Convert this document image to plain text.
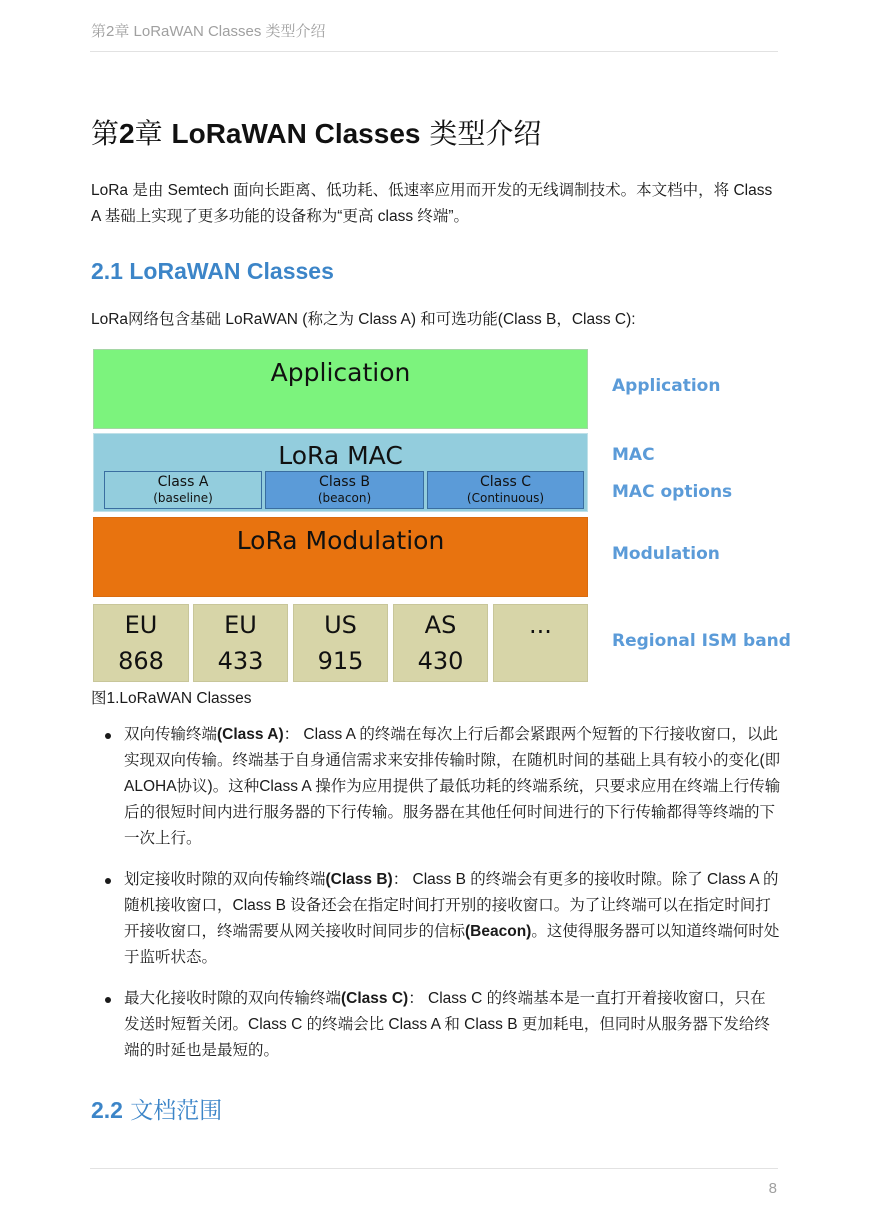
第2章 LoRaWAN Classes 类型介绍
第2章 LoRaWAN Classes 类型介绍

LoRa 是由 Semtech 面向长距离、低功耗、低速率应用而开发的无线调制技术。本文档中，将 Class A 基础上实现了更多功能的设备称为“更高 class 终端”。

2.1 LoRaWAN Classes

LoRa网络包含基础 LoRaWAN (称之为 Class A) 和可选功能(Class B，Class C):

Application
LoRa MAC
Class A
(baseline)
Class B
(beacon)
Class C
(Continuous)
LoRa Modulation
EU
868
EU
433
US
915
AS
430
...
Application
MAC
MAC options
Modulation
Regional ISM band

图1.LoRaWAN Classes

双向传输终端(Class A)： Class A 的终端在每次上行后都会紧跟两个短暂的下行接收窗口，以此实现双向传输。终端基于自身通信需求来安排传输时隙，在随机时间的基础上具有较小的变化(即ALOHA协议)。这种Class A 操作为应用提供了最低功耗的终端系统，只要求应用在终端上行传输后的很短时间内进行服务器的下行传输。服务器在其他任何时间进行的下行传输都得等终端的下一次上行。
划定接收时隙的双向传输终端(Class B)： Class B 的终端会有更多的接收时隙。除了 Class A 的随机接收窗口，Class B 设备还会在指定时间打开别的接收窗口。为了让终端可以在指定时间打开接收窗口，终端需要从网关接收时间同步的信标(Beacon)。这使得服务器可以知道终端何时处于监听状态。
最大化接收时隙的双向传输终端(Class C)： Class C 的终端基本是一直打开着接收窗口，只在发送时短暂关闭。Class C 的终端会比 Class A 和 Class B 更加耗电，但同时从服务器下发给终端的时延也是最短的。
2.2 文档范围
8
